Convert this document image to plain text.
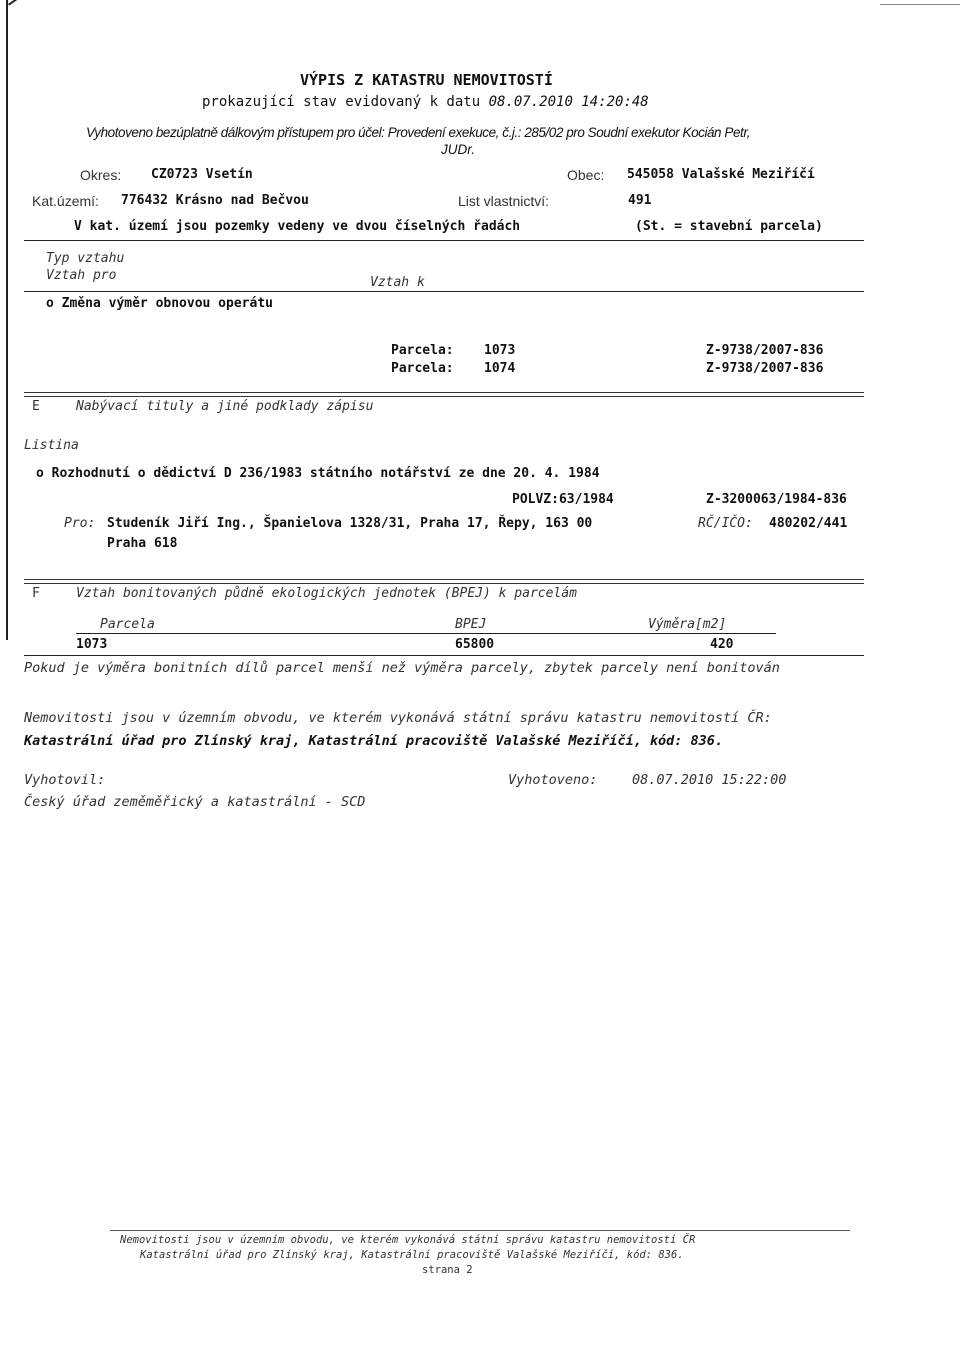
VÝPIS Z KATASTRU NEMOVITOSTÍ
prokazující stav evidovaný k datu 08.07.2010 14:20:48
Vyhotoveno bezúplatně dálkovým přístupem pro účel: Provedení exekuce, č.j.: 285/02 pro Soudní exekutor Kocián Petr,
JUDr.
Okres: CZ0723 Vsetín	Obec: 545058 Valašské Meziříčí
Kat.území: 776432 Krásno nad Bečvou	List vlastnictví:	491
V kat. území jsou pozemky vedeny ve dvou číselných řadách	(St. = stavební parcela)
Typ vztahu
Vztah pro	Vztah k
o Změna výměr obnovou operátu
Parcela: 1073	Z-9738/2007-836
Parcela: 1074	Z-9738/2007-836
E	Nabývací tituly a jiné podklady zápisu
Listina
o Rozhodnutí o dědictví D 236/1983 státního notářství ze dne 20. 4. 1984
POLVZ:63/1984	Z-3200063/1984-836
Pro: Studeník Jiří Ing., Španielova 1328/31, Praha 17, Řepy, 163 00	RČ/IČO: 480202/441
Praha 618
F	Vztah bonitovaných půdně ekologických jednotek (BPEJ) k parcelám
Parcela	BPEJ	Výměra[m2]
1073	65800	420
Pokud je výměra bonitních dílů parcel menší než výměra parcely, zbytek parcely není bonitován
Nemovitosti jsou v územním obvodu, ve kterém vykonává státní správu katastru nemovitostí ČR:
Katastrální úřad pro Zlínský kraj, Katastrální pracoviště Valašské Meziříčí, kód: 836.
Vyhotovil:
Český úřad zeměměřický a katastrální - SCD
Vyhotoveno:	08.07.2010 15:22:00
Nemovitosti jsou v územním obvodu, ve kterém vykonává státní správu katastru nemovitostí ČR
Katastrální úřad pro Zlínský kraj, Katastrální pracoviště Valašské Meziříčí, kód: 836.
strana 2
